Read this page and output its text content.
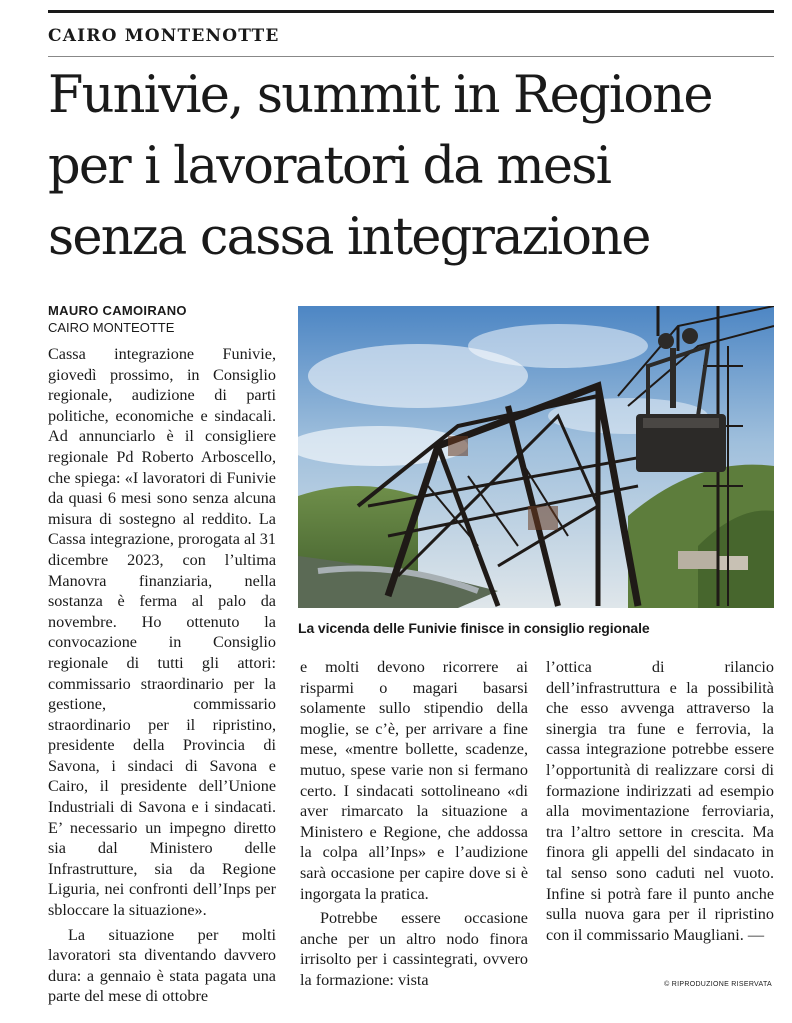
CAIRO MONTENOTTE
Funivie, summit in Regione
per i lavoratori da mesi
senza cassa integrazione
MAURO CAMOIRANO
CAIRO MONTEOTTE

Cassa integrazione Funivie, giovedì prossimo, in Consiglio regionale, audizione di parti politiche, economiche e sindacali. Ad annunciarlo è il consigliere regionale Pd Roberto Arboscello, che spiega: «I lavoratori di Funivie da quasi 6 mesi sono senza alcuna misura di sostegno al reddito. La Cassa integrazione, prorogata al 31 dicembre 2023, con l’ultima Manovra finanziaria, nella sostanza è ferma al palo da novembre. Ho ottenuto la convocazione in Consiglio regionale di tutti gli attori: commissario straordinario per la gestione, commissario straordinario per il ripristino, presidente della Provincia di Savona, i sindaci di Savona e Cairo, il presidente dell’Unione Industriali di Savona e i sindacati. E’ necessario un impegno diretto sia dal Ministero delle Infrastrutture, sia da Regione Liguria, nei confronti dell’Inps per sbloccare la situazione».

La situazione per molti lavoratori sta diventando davvero dura: a gennaio è stata pagata una parte del mese di ottobre

La vicenda delle Funivie finisce in consiglio regionale

e molti devono ricorrere ai risparmi o magari basarsi solamente sullo stipendio della moglie, se c’è, per arrivare a fine mese, «mentre bollette, scadenze, mutuo, spese varie non si fermano certo. I sindacati sottolineano «di aver rimarcato la situazione a Ministero e Regione, che addossa la colpa all’Inps» e l’audizione sarà occasione per capire dove si è ingorgata la pratica.

Potrebbe essere occasione anche per un altro nodo finora irrisolto per i cassintegrati, ovvero la formazione: vista

l’ottica di rilancio dell’infrastruttura e la possibilità che esso avvenga attraverso la sinergia tra fune e ferrovia, la cassa integrazione potrebbe essere l’opportunità di realizzare corsi di formazione indirizzati ad esempio alla movimentazione ferroviaria, tra l’altro settore in crescita. Ma finora gli appelli del sindacato in tal senso sono caduti nel vuoto. Infine si potrà fare il punto anche sulla nuova gara per il ripristino con il commissario Maugliani. —

© RIPRODUZIONE RISERVATA
